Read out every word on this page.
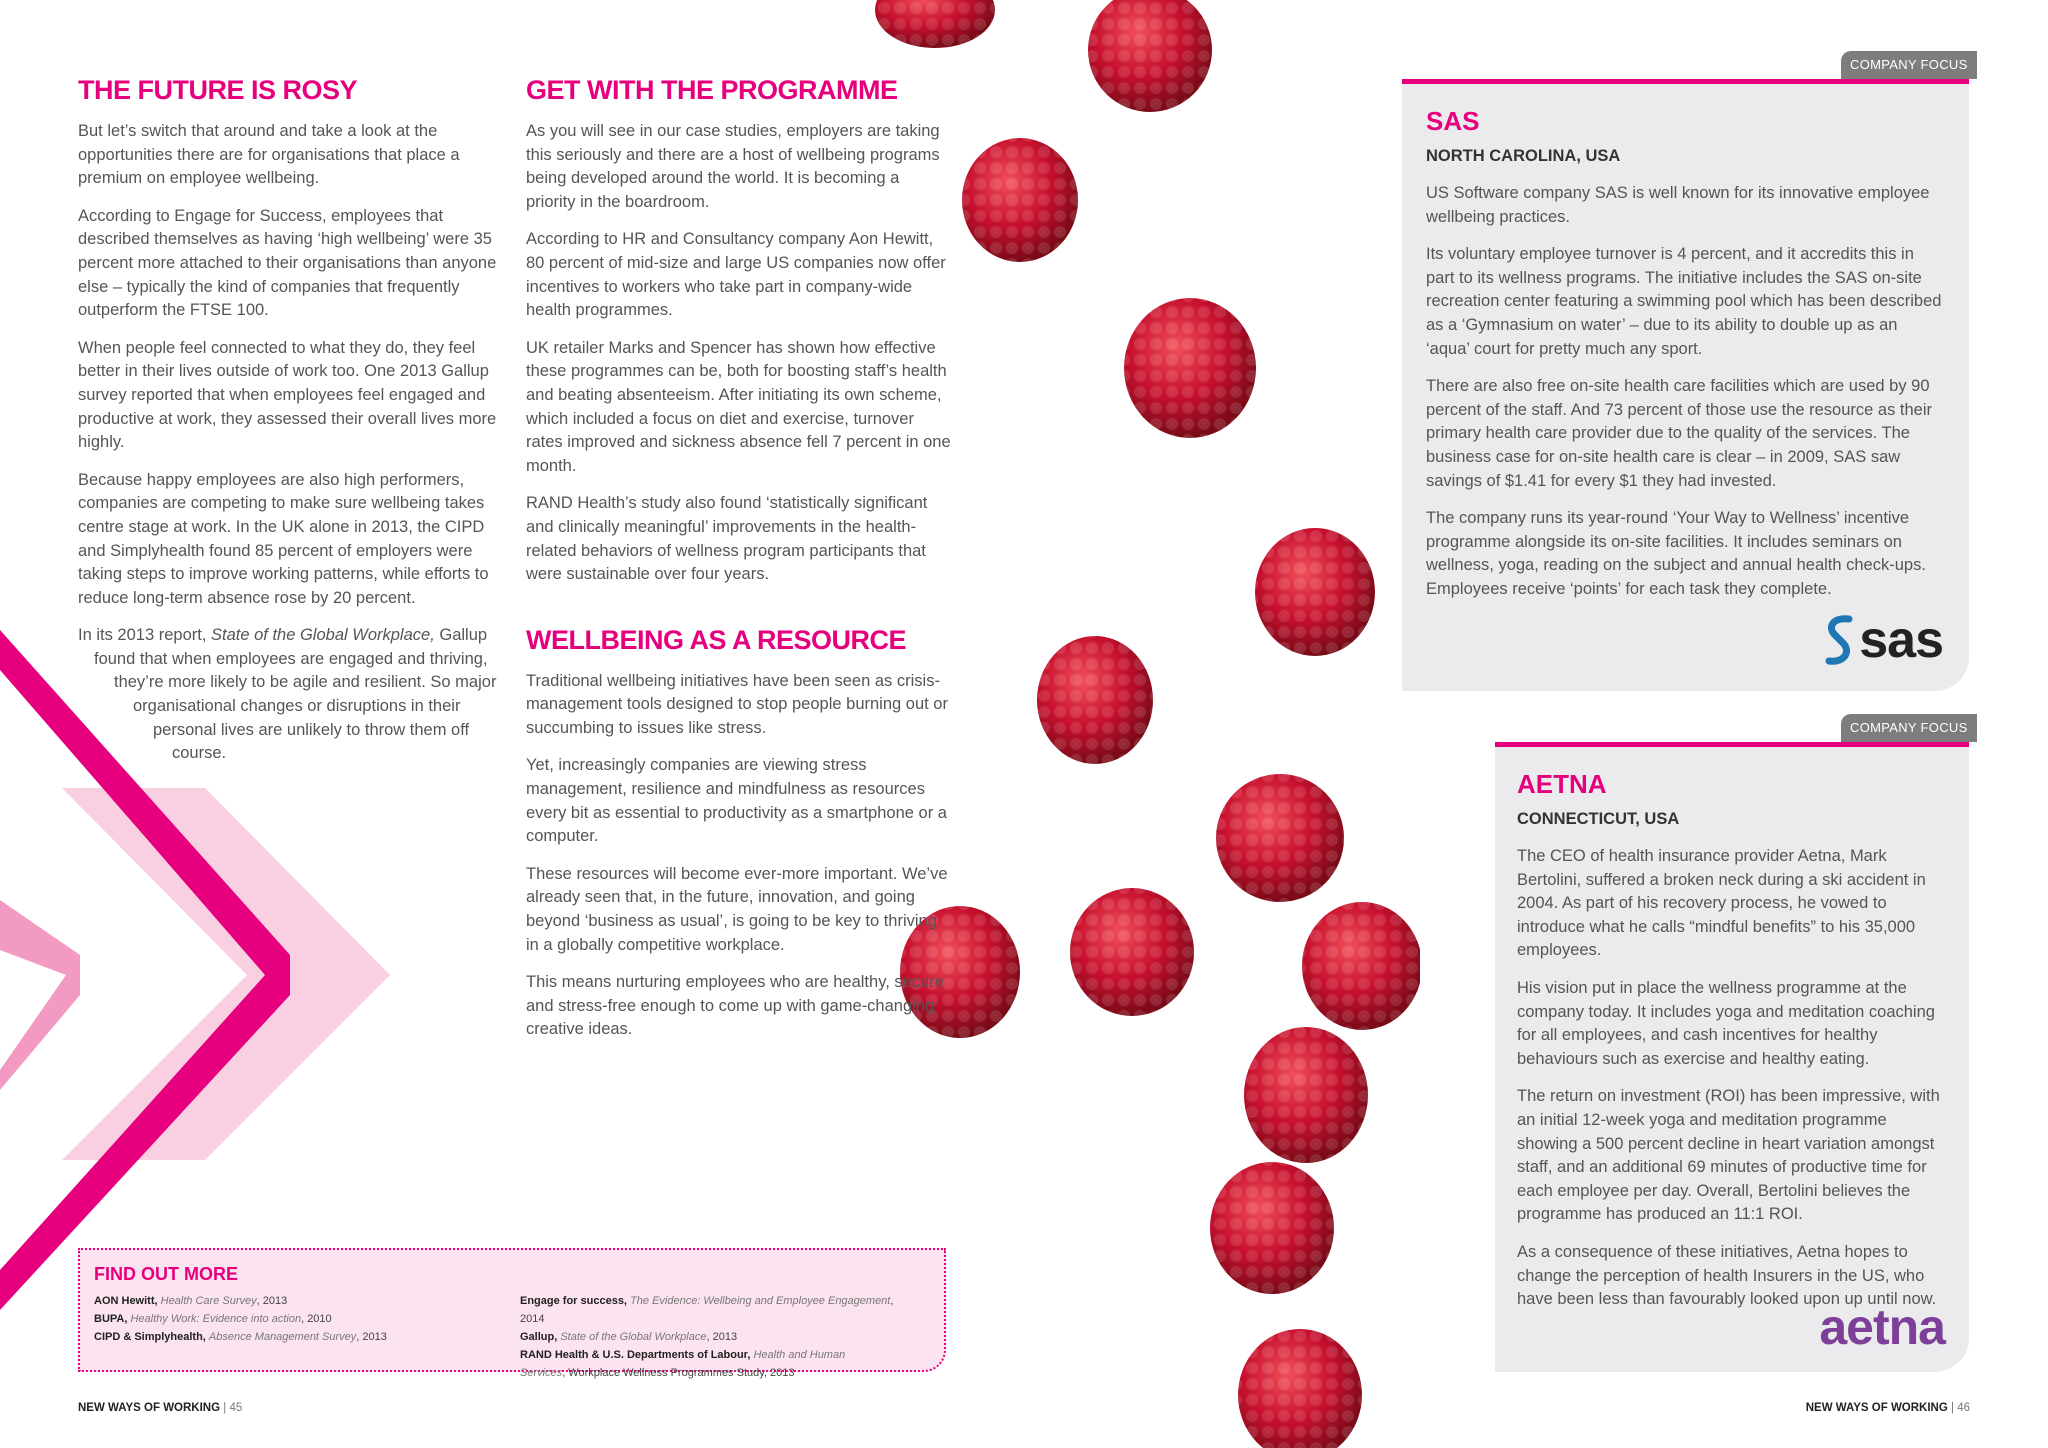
THE FUTURE IS ROSY

But let’s switch that around and take a look at the opportunities there are for organisations that place a premium on employee wellbeing.

According to Engage for Success, employees that described themselves as having ‘high wellbeing’ were 35 percent more attached to their organisations than anyone else – typically the kind of companies that frequently outperform the FTSE 100.

When people feel connected to what they do, they feel better in their lives outside of work too. One 2013 Gallup survey reported that when employees feel engaged and productive at work, they assessed their overall lives more highly.

Because happy employees are also high performers, companies are competing to make sure wellbeing takes centre stage at work. In the UK alone in 2013, the CIPD and Simplyhealth found 85 percent of employers were taking steps to improve working patterns, while efforts to reduce long-term absence rose by 20 percent.

In its 2013 report, State of the Global Workplace, Gallup
found that when employees are engaged and thriving,
they’re more likely to be agile and resilient. So major
organisational changes or disruptions in their
personal lives are unlikely to throw them off
course.
GET WITH THE PROGRAMME

As you will see in our case studies, employers are taking this seriously and there are a host of wellbeing programs being developed around the world. It is becoming a priority in the boardroom.

According to HR and Consultancy company Aon Hewitt, 80 percent of mid-size and large US companies now offer incentives to workers who take part in company-wide health programmes.

UK retailer Marks and Spencer has shown how effective these programmes can be, both for boosting staff’s health and beating absenteeism. After initiating its own scheme, which included a focus on diet and exercise, turnover rates improved and sickness absence fell 7 percent in one month.

RAND Health’s study also found ‘statistically significant and clinically meaningful’ improvements in the health-related behaviors of wellness program participants that were sustainable over four years.

WELLBEING AS A RESOURCE

Traditional wellbeing initiatives have been seen as crisis-management tools designed to stop people burning out or succumbing to issues like stress.

Yet, increasingly companies are viewing stress management, resilience and mindfulness as resources every bit as essential to productivity as a smartphone or a computer.

These resources will become ever-more important. We’ve already seen that, in the future, innovation, and going beyond ‘business as usual’, is going to be key to thriving in a globally competitive workplace.

This means nurturing employees who are healthy, secure and stress-free enough to come up with game-changing creative ideas.

FIND OUT MORE
AON Hewitt, Health Care Survey, 2013
BUPA, Healthy Work: Evidence into action, 2010
CIPD & Simplyhealth, Absence Management Survey, 2013
Engage for success, The Evidence: Wellbeing and Employee Engagement, 2014
Gallup, State of the Global Workplace, 2013
RAND Health & U.S. Departments of Labour, Health and Human Services, Workplace Wellness Programmes Study, 2013
NEW WAYS OF WORKING | 45
COMPANY FOCUS
SAS
NORTH CAROLINA, USA

US Software company SAS is well known for its innovative employee wellbeing practices.

Its voluntary employee turnover is 4 percent, and it accredits this in part to its wellness programs. The initiative includes the SAS on-site recreation center featuring a swimming pool which has been described as a ‘Gymnasium on water’ – due to its ability to double up as an ‘aqua’ court for pretty much any sport.

There are also free on-site health care facilities which are used by 90 percent of the staff. And 73 percent of those use the resource as their primary health care provider due to the quality of the services. The business case for on-site health care is clear – in 2009, SAS saw savings of $1.41 for every $1 they had invested.

The company runs its year-round ‘Your Way to Wellness’ incentive programme alongside its on-site facilities. It includes seminars on wellness, yoga, reading on the subject and annual health check-ups. Employees receive ‘points’ for each task they complete.

sas
COMPANY FOCUS
AETNA
CONNECTICUT, USA

The CEO of health insurance provider Aetna, Mark Bertolini, suffered a broken neck during a ski accident in 2004. As part of his recovery process, he vowed to introduce what he calls “mindful benefits” to his 35,000 employees.

His vision put in place the wellness programme at the company today. It includes yoga and meditation coaching for all employees, and cash incentives for healthy behaviours such as exercise and healthy eating.

The return on investment (ROI) has been impressive, with an initial 12-week yoga and meditation programme showing a 500 percent decline in heart variation amongst staff, and an additional 69 minutes of productive time for each employee per day. Overall, Bertolini believes the programme has produced an 11:1 ROI.

As a consequence of these initiatives, Aetna hopes to change the perception of health Insurers in the US, who have been less than favourably looked upon up until now.

aetna
NEW WAYS OF WORKING | 46
